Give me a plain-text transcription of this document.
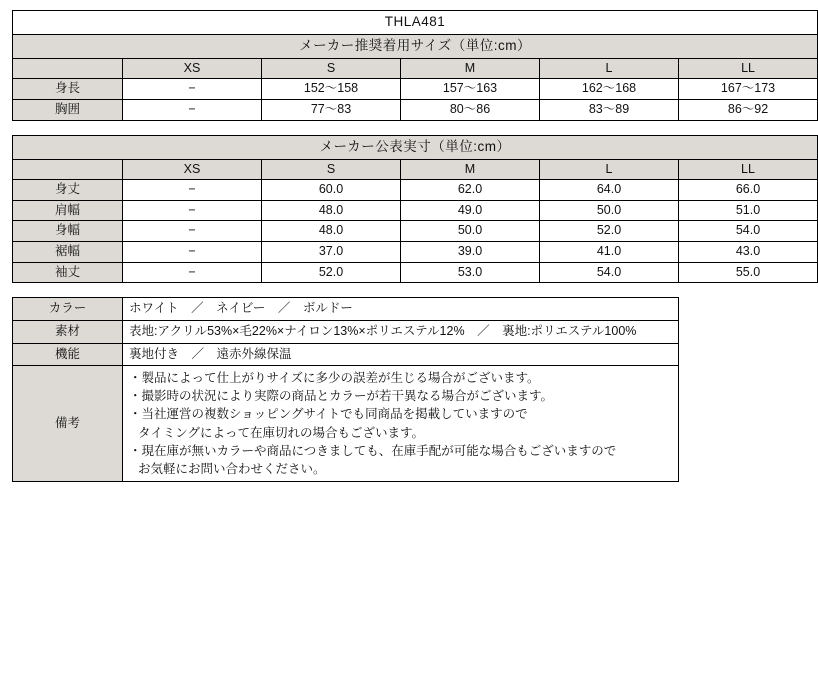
THLA481					
メーカー推奨着用サイズ（単位:cm）					
	XS	S	M	L	LL
身長	−	152〜158	157〜163	162〜168	167〜173
胸囲	−	77〜83	80〜86	83〜89	86〜92
メーカー公表実寸（単位:cm）					
	XS	S	M	L	LL
身丈	−	60.0	62.0	64.0	66.0
肩幅	−	48.0	49.0	50.0	51.0
身幅	−	48.0	50.0	52.0	54.0
裾幅	−	37.0	39.0	41.0	43.0
袖丈	−	52.0	53.0	54.0	55.0
カラー	ホワイト　／　ネイビー　／　ボルドー
素材	表地:アクリル53%×毛22%×ナイロン13%×ポリエステル12%　／　裏地:ポリエステル100%
機能	裏地付き　／　遠赤外線保温
備考	
・製品によって仕上がりサイズに多少の誤差が生じる場合がございます。
・撮影時の状況により実際の商品とカラーが若干異なる場合がございます。
・当社運営の複数ショッピングサイトでも同商品を掲載していますので
タイミングによって在庫切れの場合もございます。
・現在庫が無いカラーや商品につきましても、在庫手配が可能な場合もございますので
お気軽にお問い合わせください。
